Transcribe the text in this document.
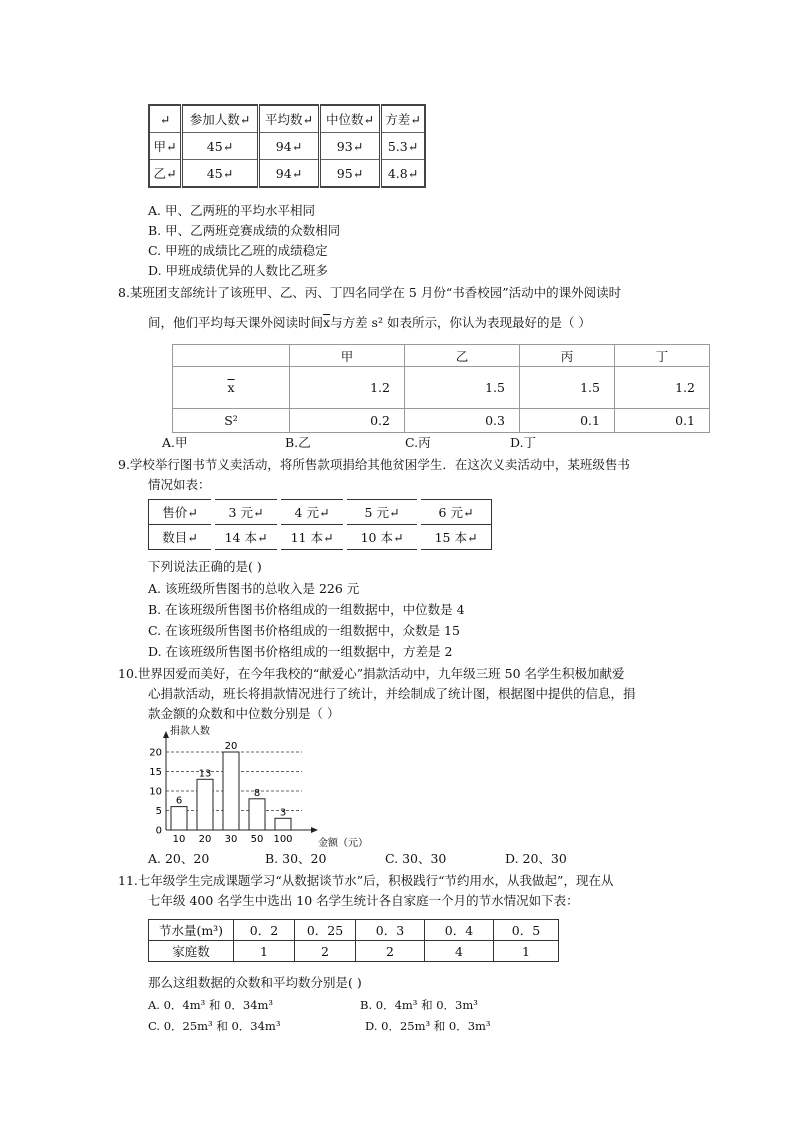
↵	参加人数↵	平均数↵	中位数↵	方差↵
甲↵	45↵	94↵	93↵	5.3↵
乙↵	45↵	94↵	95↵	4.8↵
A. 甲、乙两班的平均水平相同
B. 甲、乙两班竞赛成绩的众数相同
C. 甲班的成绩比乙班的成绩稳定
D. 甲班成绩优异的人数比乙班多
8.某班团支部统计了该班甲、乙、丙、丁四名同学在 5 月份“书香校园”活动中的课外阅读时
间，他们平均每天课外阅读时间$\overline{x}$与方差 s² 如表所示，你认为表现最好的是（ ）
	甲	乙	丙	丁
$\overline{x}$	1.2	1.5	1.5	1.2
S²	0.2	0.3	0.1	0.1
A.甲	B.乙	C.丙	D.丁
9.学校举行图书节义卖活动，将所售款项捐给其他贫困学生．在这次义卖活动中，某班级售书
情况如表：
售价↵	3 元↵	4 元↵	5 元↵	6 元↵
数目↵	14 本↵	11 本↵	10 本↵	15 本↵
下列说法正确的是( )
A. 该班级所售图书的总收入是 226 元
B. 在该班级所售图书价格组成的一组数据中，中位数是 4
C. 在该班级所售图书价格组成的一组数据中，众数是 15
D. 在该班级所售图书价格组成的一组数据中，方差是 2
10.世界因爱而美好，在今年我校的“献爱心”捐款活动中，九年级三班 50 名学生积极加献爱
心捐款活动，班长将捐款情况进行了统计，并绘制成了统计图，根据图中提供的信息，捐
款金额的众数和中位数分别是（ ）
0
5
10
15
20
6
10
13
20
20
30
8
50
3
100
捐款人数
金额（元）
A. 20、20	B. 30、20	C. 30、30	D. 20、30
11.七年级学生完成课题学习“从数据谈节水”后，积极践行“节约用水，从我做起”，现在从
七年级 400 名学生中选出 10 名学生统计各自家庭一个月的节水情况如下表：
节水量(m³)	0．2	0．25	0．3	0．4	0．5
家庭数	1	2	2	4	1
那么这组数据的众数和平均数分别是( )
A. 0．4m³ 和 0．34m³	B. 0．4m³ 和 0．3m³
C. 0．25m³ 和 0．34m³	D. 0．25m³ 和 0．3m³
